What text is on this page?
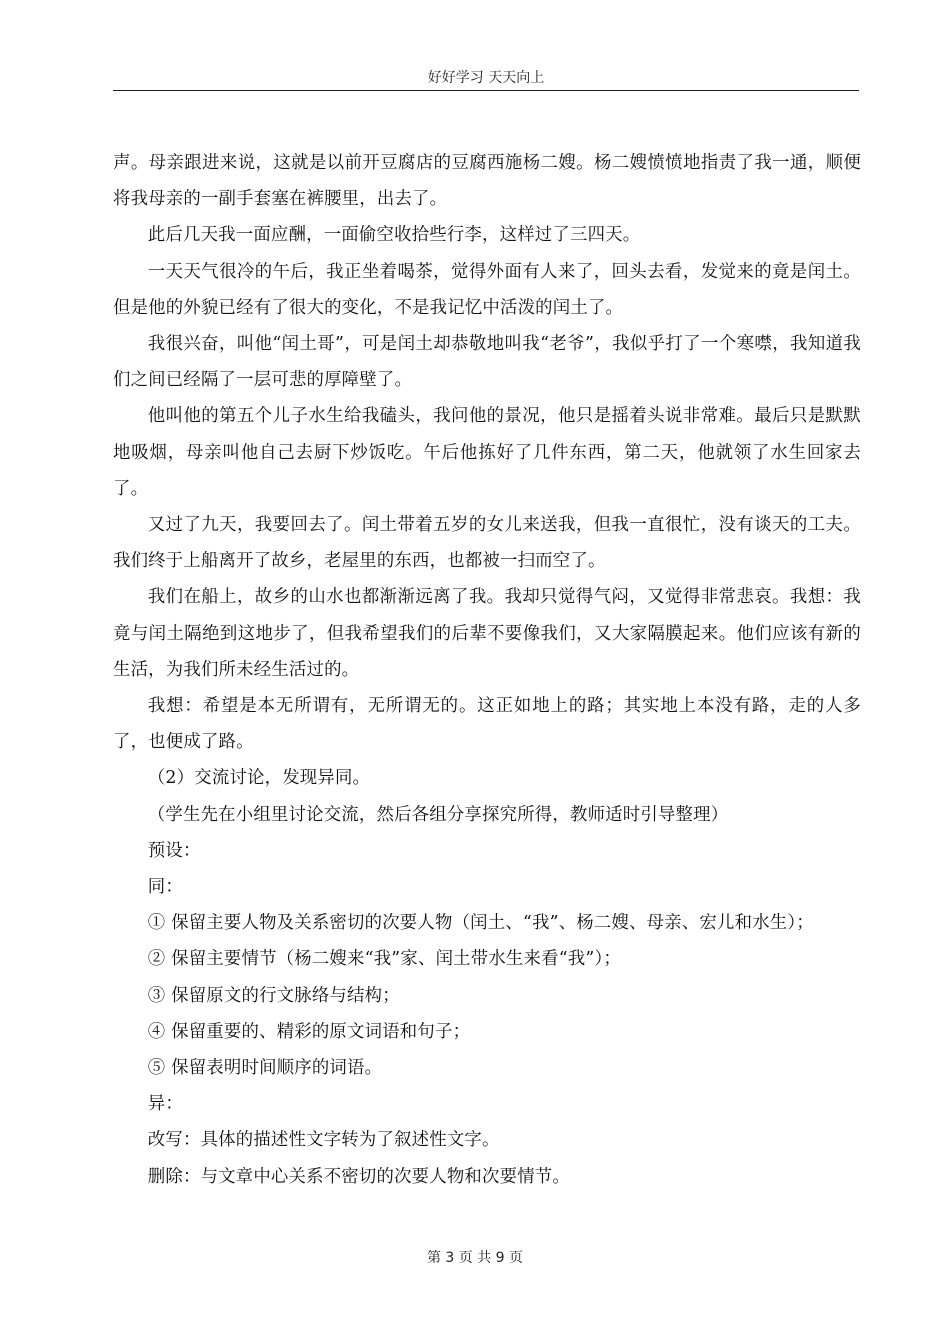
好好学习 天天向上

声。母亲跟进来说，这就是以前开豆腐店的豆腐西施杨二嫂。杨二嫂愤愤地指责了我一通，顺便将我母亲的一副手套塞在裤腰里，出去了。

此后几天我一面应酬，一面偷空收拾些行李，这样过了三四天。

一天天气很冷的午后，我正坐着喝茶，觉得外面有人来了，回头去看，发觉来的竟是闰土。但是他的外貌已经有了很大的变化，不是我记忆中活泼的闰土了。

我很兴奋，叫他“闰土哥”，可是闰土却恭敬地叫我“老爷”，我似乎打了一个寒噤，我知道我们之间已经隔了一层可悲的厚障壁了。

他叫他的第五个儿子水生给我磕头，我问他的景况，他只是摇着头说非常难。最后只是默默地吸烟，母亲叫他自己去厨下炒饭吃。午后他拣好了几件东西，第二天，他就领了水生回家去了。

又过了九天，我要回去了。闰土带着五岁的女儿来送我，但我一直很忙，没有谈天的工夫。我们终于上船离开了故乡，老屋里的东西，也都被一扫而空了。

我们在船上，故乡的山水也都渐渐远离了我。我却只觉得气闷，又觉得非常悲哀。我想：我竟与闰土隔绝到这地步了，但我希望我们的后辈不要像我们，又大家隔膜起来。他们应该有新的生活，为我们所未经生活过的。

我想：希望是本无所谓有，无所谓无的。这正如地上的路；其实地上本没有路，走的人多了，也便成了路。

（2）交流讨论，发现异同。

（学生先在小组里讨论交流，然后各组分享探究所得，教师适时引导整理）

预设：

同：

① 保留主要人物及关系密切的次要人物（闰土、“我”、杨二嫂、母亲、宏儿和水生）；

② 保留主要情节（杨二嫂来“我”家、闰土带水生来看“我”）；

③ 保留原文的行文脉络与结构；

④ 保留重要的、精彩的原文词语和句子；

⑤ 保留表明时间顺序的词语。

异：

改写：具体的描述性文字转为了叙述性文字。

删除：与文章中心关系不密切的次要人物和次要情节。

第 3 页 共 9 页
